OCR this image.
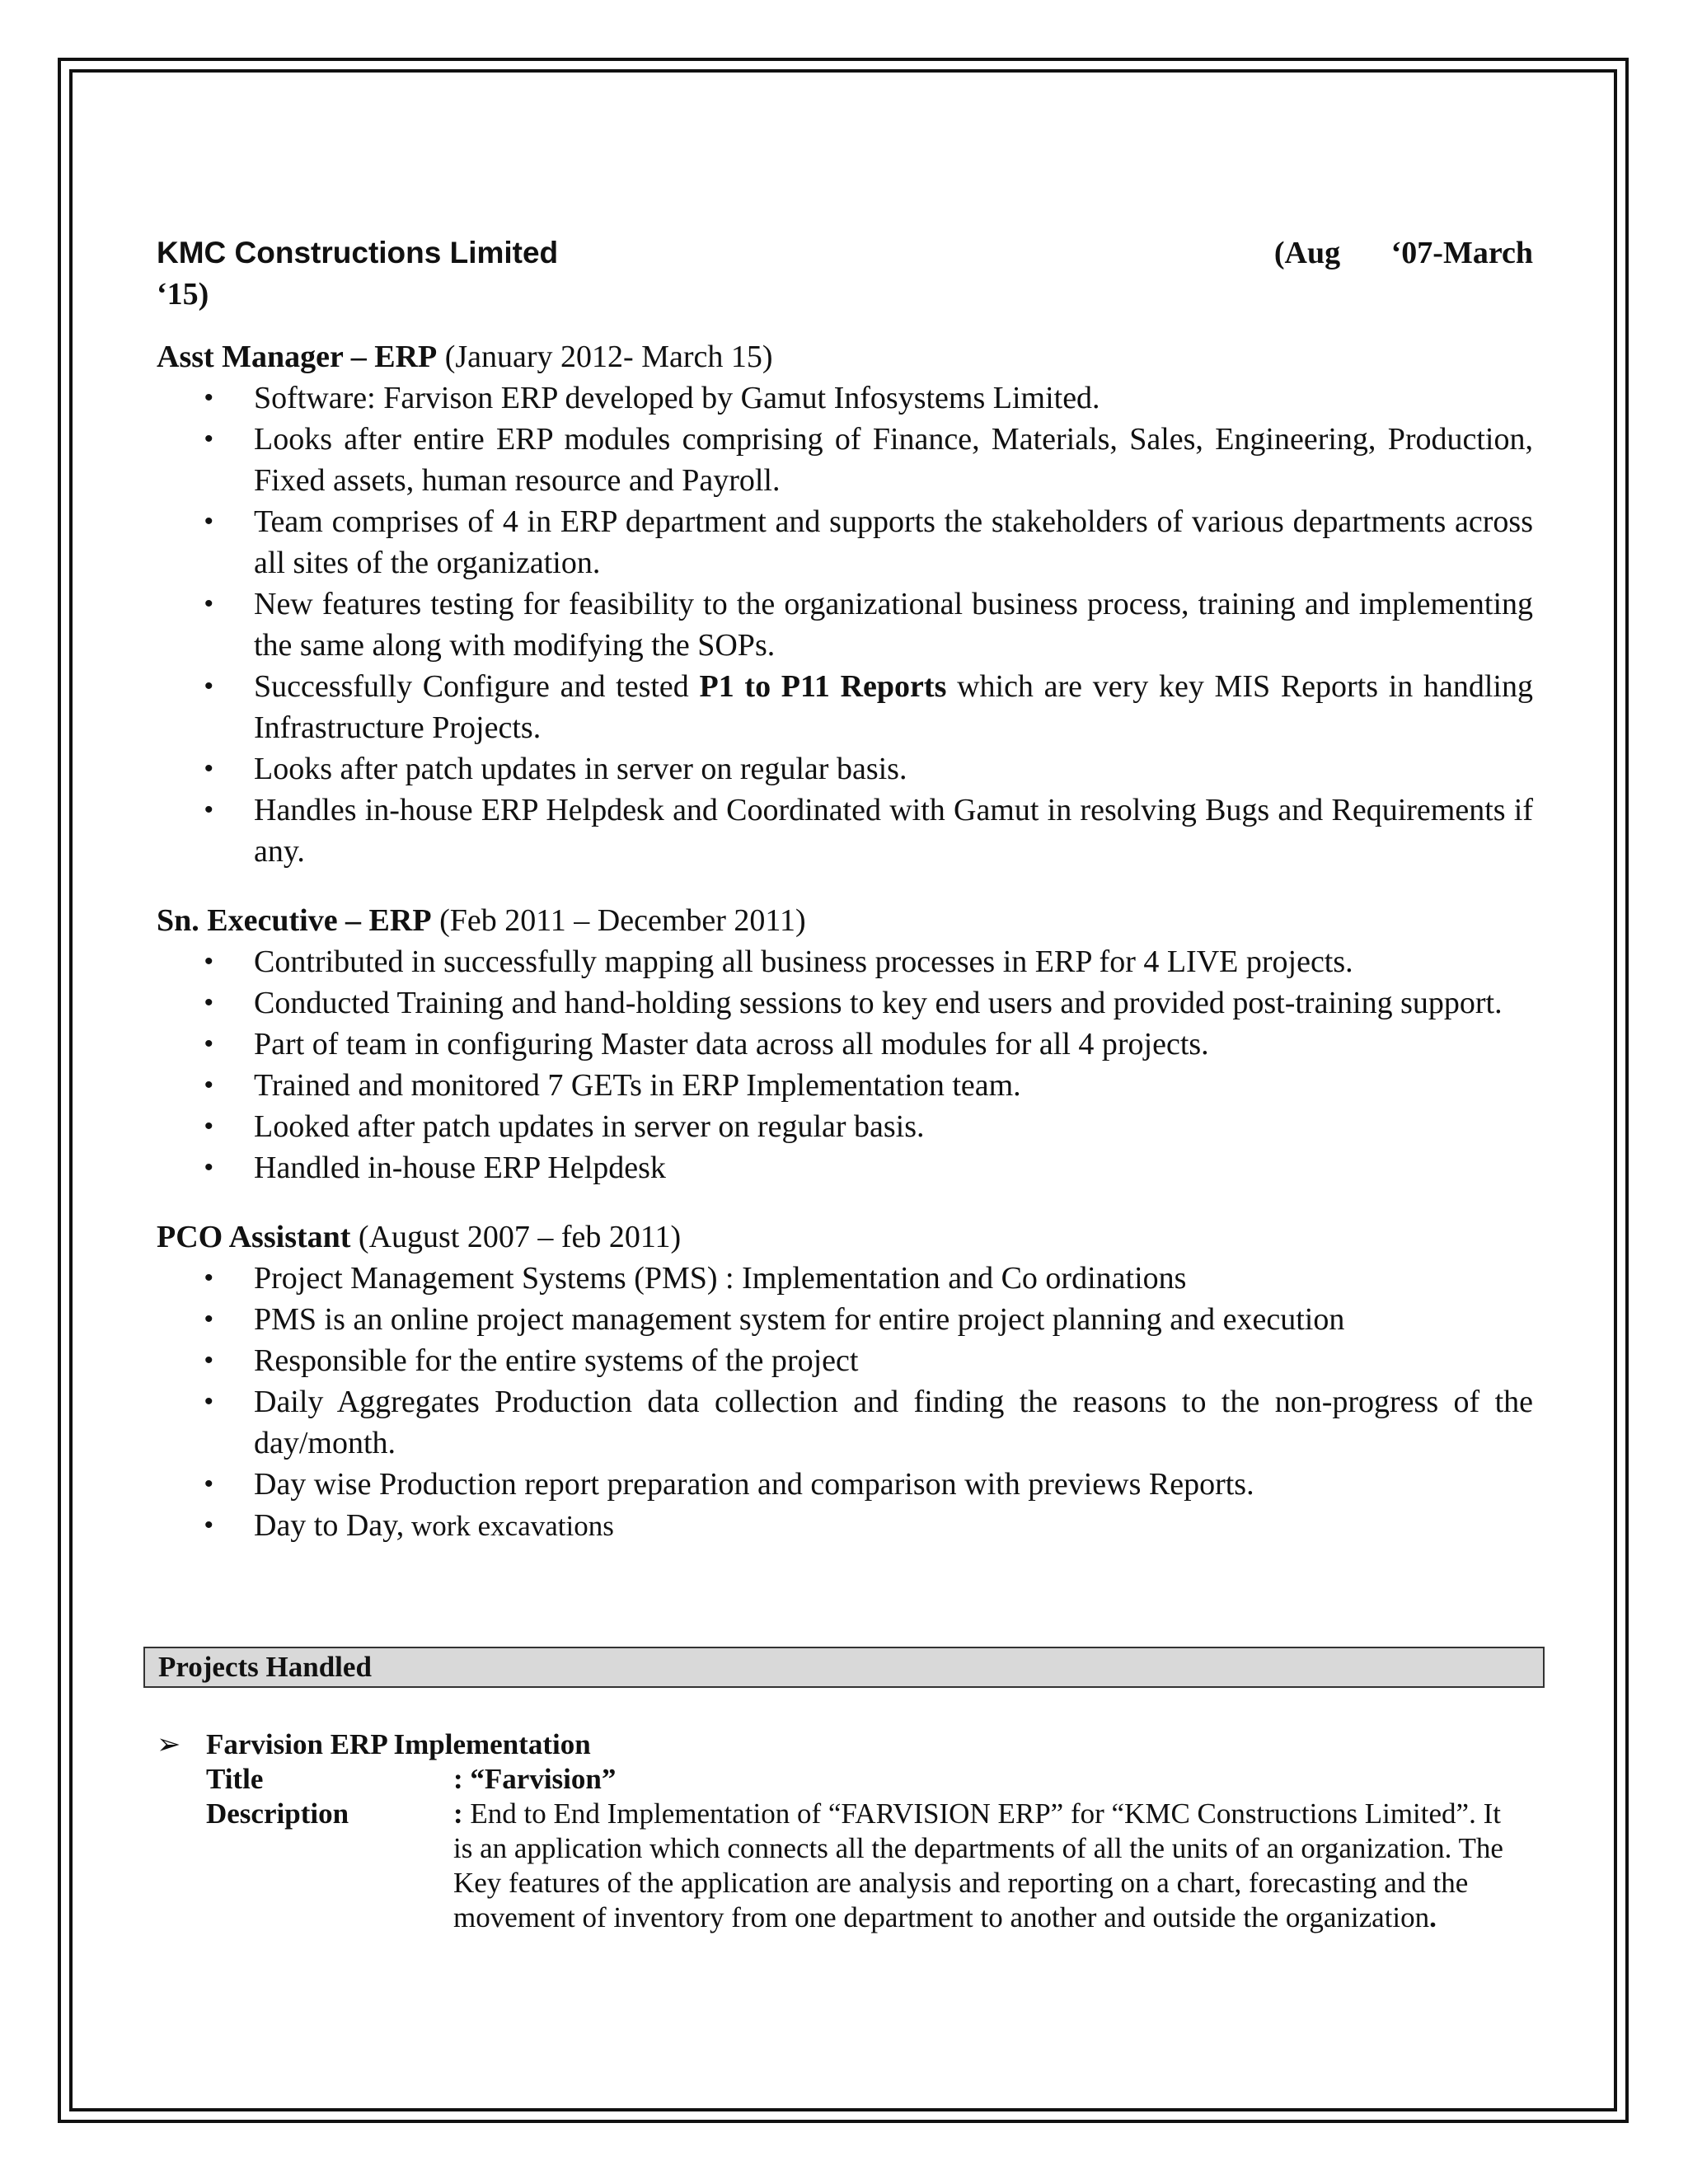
KMC Constructions Limited	(Aug ‘07-March
‘15)
Asst Manager – ERP (January 2012- March 15)
• Software: Farvison ERP developed by Gamut Infosystems Limited.
• Looks after entire ERP modules comprising of Finance, Materials, Sales, Engineering, Production, Fixed assets, human resource and Payroll.
• Team comprises of 4 in ERP department and supports the stakeholders of various departments across all sites of the organization.
• New features testing for feasibility to the organizational business process, training and implementing the same along with modifying the SOPs.
• Successfully Configure and tested P1 to P11 Reports which are very key MIS Reports in handling Infrastructure Projects.
• Looks after patch updates in server on regular basis.
• Handles in-house ERP Helpdesk and Coordinated with Gamut in resolving Bugs and Requirements if any.
Sn. Executive – ERP (Feb 2011 – December 2011)
• Contributed in successfully mapping all business processes in ERP for 4 LIVE projects.
• Conducted Training and hand-holding sessions to key end users and provided post-training support.
• Part of team in configuring Master data across all modules for all 4 projects.
• Trained and monitored 7 GETs in ERP Implementation team.
• Looked after patch updates in server on regular basis.
• Handled in-house ERP Helpdesk
PCO Assistant (August 2007 – feb 2011)
• Project Management Systems (PMS) : Implementation and Co ordinations
• PMS is an online project management system for entire project planning and execution
• Responsible for the entire systems of the project
• Daily Aggregates Production data collection and finding the reasons to the non-progress of the day/month.
• Day wise Production report preparation and comparison with previews Reports.
• Day to Day, work excavations
Projects Handled
➢ Farvision ERP Implementation
Title	: “Farvision”
Description	: End to End Implementation of “FARVISION ERP” for “KMC Constructions Limited”. It is an application which connects all the departments of all the units of an organization. The Key features of the application are analysis and reporting on a chart, forecasting and the movement of inventory from one department to another and outside the organization.
